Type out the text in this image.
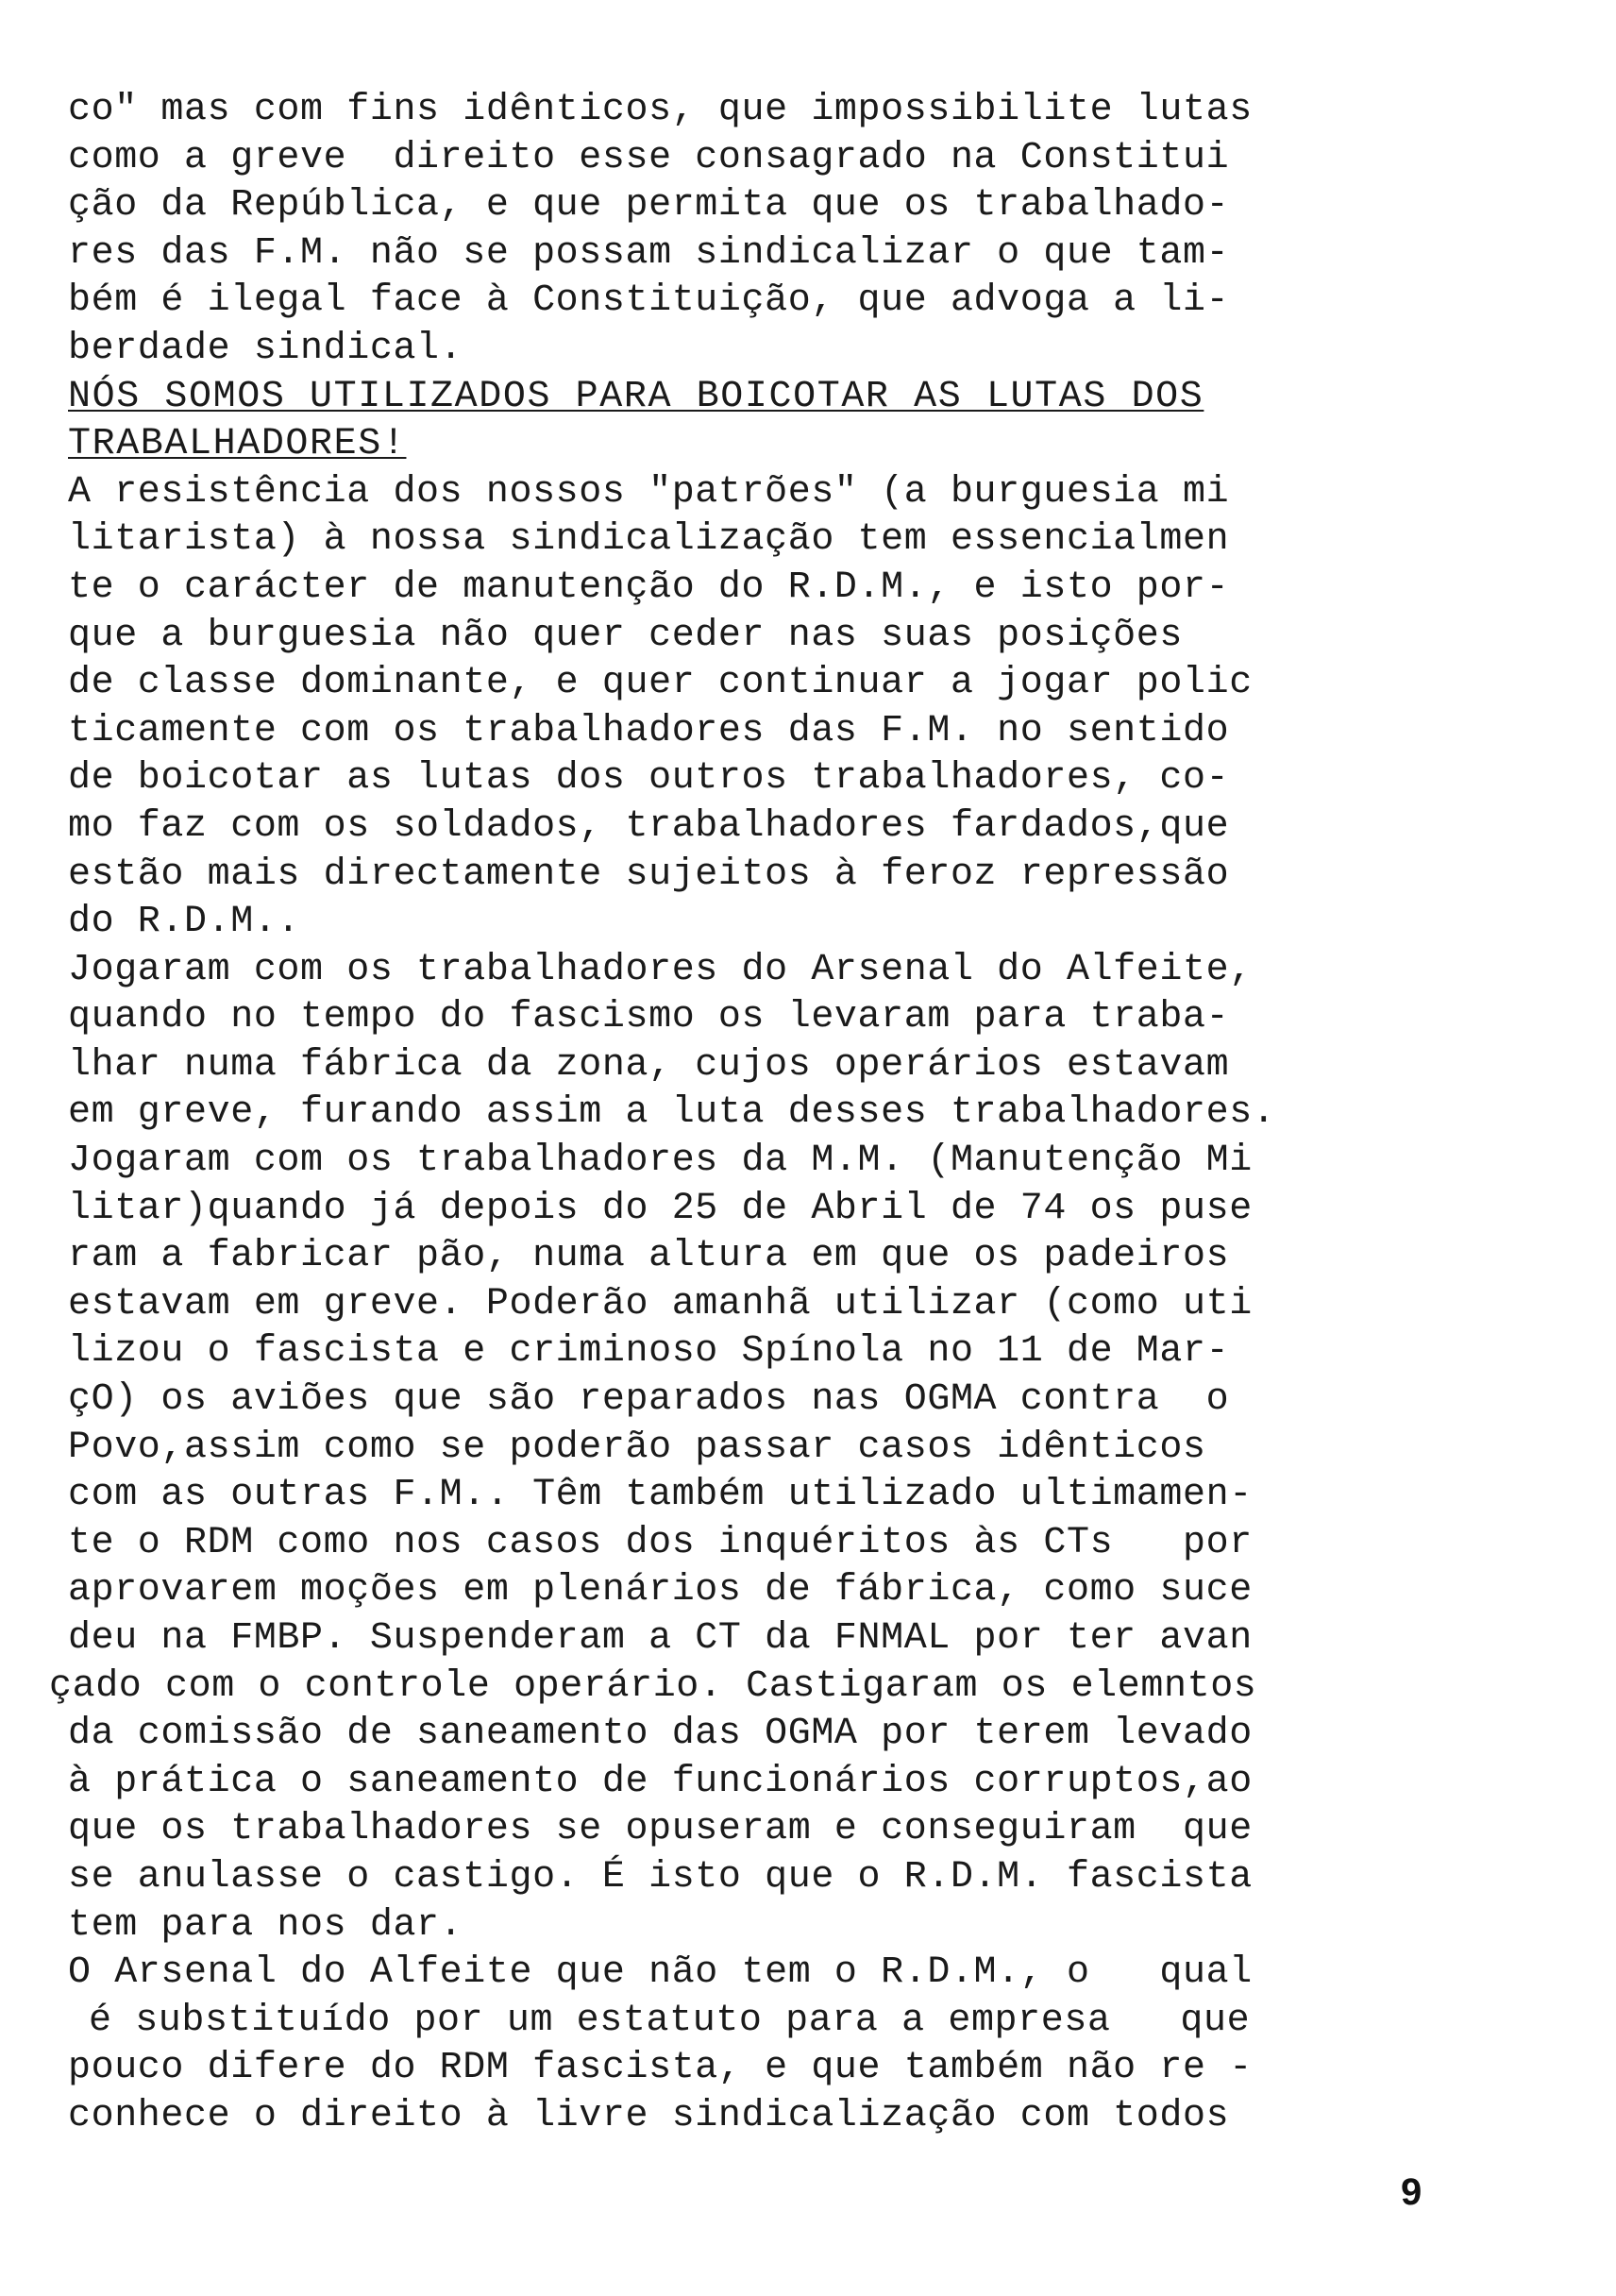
co" mas com fins idênticos, que impossibilite lutas
como a greve  direito esse consagrado na Constitui
ção da República, e que permita que os trabalhado-
res das F.M. não se possam sindicalizar o que tam-
bém é ilegal face à Constituição, que advoga a li-
berdade sindical.
NÓS SOMOS UTILIZADOS PARA BOICOTAR AS LUTAS DOS
TRABALHADORES!
A resistência dos nossos "patrões" (a burguesia mi
litarista) à nossa sindicalização tem essencialmen
te o carácter de manutenção do R.D.M., e isto por-
que a burguesia não quer ceder nas suas posições
de classe dominante, e quer continuar a jogar polic
ticamente com os trabalhadores das F.M. no sentido
de boicotar as lutas dos outros trabalhadores, co-
mo faz com os soldados, trabalhadores fardados,que
estão mais directamente sujeitos à feroz repressão
do R.D.M..
Jogaram com os trabalhadores do Arsenal do Alfeite,
quando no tempo do fascismo os levaram para traba-
lhar numa fábrica da zona, cujos operários estavam
em greve, furando assim a luta desses trabalhadores.
Jogaram com os trabalhadores da M.M. (Manutenção Mi
litar)quando já depois do 25 de Abril de 74 os puse
ram a fabricar pão, numa altura em que os padeiros
estavam em greve. Poderão amanhã utilizar (como uti
lizou o fascista e criminoso Spínola no 11 de Mar-
çO) os aviões que são reparados nas OGMA contra  o
Povo,assim como se poderão passar casos idênticos
com as outras F.M.. Têm também utilizado ultimamen-
te o RDM como nos casos dos inquéritos às CTs   por
aprovarem moções em plenários de fábrica, como suce
deu na FMBP. Suspenderam a CT da FNMAL por ter avan
çado com o controle operário. Castigaram os elemntos
da comissão de saneamento das OGMA por terem levado
à prática o saneamento de funcionários corruptos,ao
que os trabalhadores se opuseram e conseguiram  que
se anulasse o castigo. É isto que o R.D.M. fascista
tem para nos dar.
O Arsenal do Alfeite que não tem o R.D.M., o   qual
é substituído por um estatuto para a empresa   que
pouco difere do RDM fascista, e que também não re -
conhece o direito à livre sindicalização com todos
9
